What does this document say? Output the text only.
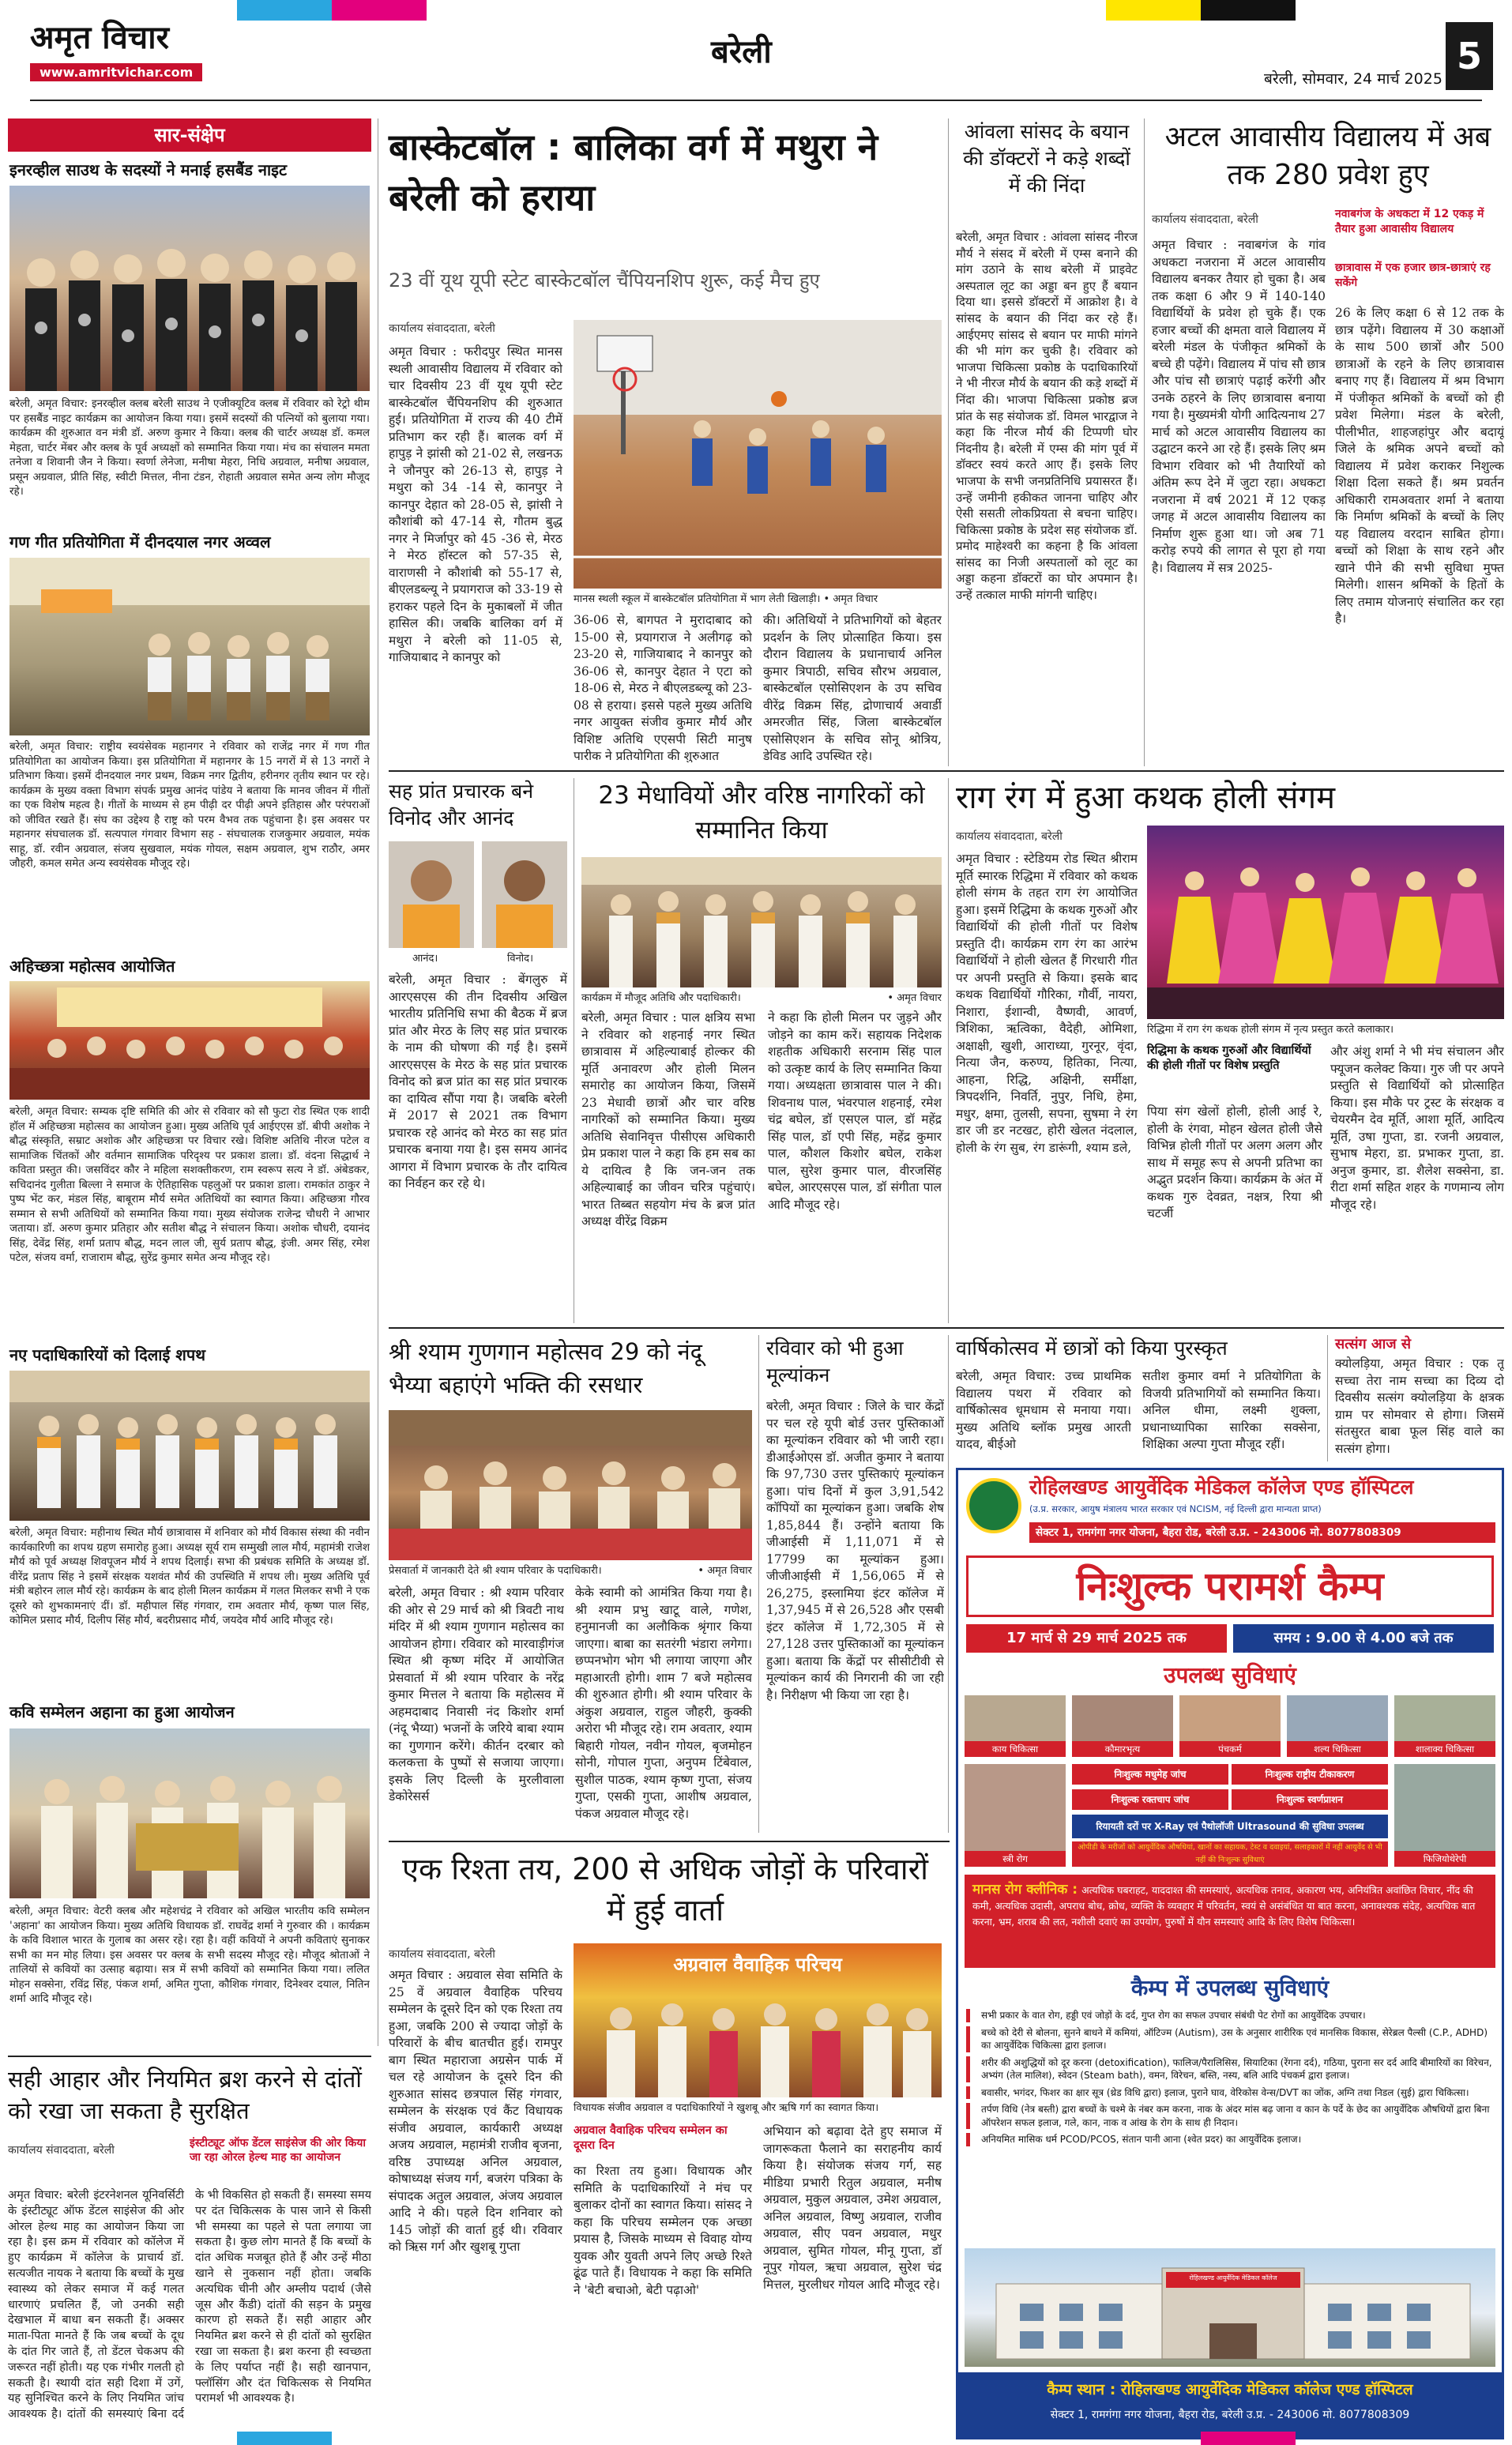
अमृत विचार
www.amritvichar.com
बरेली
बरेली, सोमवार, 24 मार्च 2025
5
सार-संक्षेप
इनरव्हील साउथ के सदस्यों ने मनाई हसबैंड नाइट
बरेली, अमृत विचार: इनरव्हील क्लब बरेली साउथ ने एजीक्यूटिव क्लब में रविवार को रेट्रो थीम पर हसबैंड नाइट कार्यक्रम का आयोजन किया गया। इसमें सदस्यों की पत्नियों को बुलाया गया। कार्यक्रम की शुरुआत वन मंत्री डॉ. अरुण कुमार ने किया। क्लब की चार्टर अध्यक्ष डॉ. कमल मेहता, चार्टर मेंबर और क्लब के पूर्व अध्यक्षों को सम्मानित किया गया। मंच का संचालन ममता तनेजा व शिवानी जैन ने किया। स्वर्णा लेनेजा, मनीषा मेहरा, निधि अग्रवाल, मनीषा अग्रवाल, प्रसून अग्रवाल, प्रीति सिंह, स्वीटी मित्तल, नीना टंडन, रोहाती अग्रवाल समेत अन्य लोग मौजूद रहे।
गण गीत प्रतियोगिता में दीनदयाल नगर अव्वल
बरेली, अमृत विचार: राष्ट्रीय स्वयंसेवक महानगर ने रविवार को राजेंद्र नगर में गण गीत प्रतियोगिता का आयोजन किया। इस प्रतियोगिता में महानगर के 15 नगरों में से 13 नगरों ने प्रतिभाग किया। इसमें दीनदयाल नगर प्रथम, विक्रम नगर द्वितीय, हरीनगर तृतीय स्थान पर रहे। कार्यक्रम के मुख्य वक्ता विभाग संपर्क प्रमुख आनंद पांडेय ने बताया कि मानव जीवन में गीतों का एक विशेष महत्व है। गीतों के माध्यम से हम पीढ़ी दर पीढ़ी अपने इतिहास और परंपराओं को जीवित रखते हैं। संघ का उद्देश्य है राष्ट्र को परम वैभव तक पहुंचाना है। इस अवसर पर महानगर संघचालक डॉ. सत्यपाल गंगवार विभाग सह - संघचालक राजकुमार अग्रवाल, मयंक साहू, डॉ. रवीन अग्रवाल, संजय सुखवाल, मयंक गोयल, सक्षम अग्रवाल, शुभ राठौर, अमर जौहरी, कमल समेत अन्य स्वयंसेवक मौजूद रहे।
अहिच्छत्रा महोत्सव आयोजित
बरेली, अमृत विचार: सम्यक दृष्टि समिति की ओर से रविवार को सौ फुटा रोड स्थित एक शादी हॉल में अहिच्छत्रा महोत्सव का आयोजन हुआ। मुख्य अतिथि पूर्व आईएएस डॉ. बीपी अशोक ने बौद्ध संस्कृति, सम्राट अशोक और अहिच्छत्रा पर विचार रखे। विशिष्ट अतिथि नीरज पटेल व सामाजिक चिंतकों और वर्तमान सामाजिक परिदृश्य पर प्रकाश डाला। डॉ. वंदना सिद्धार्थ ने कविता प्रस्तुत की। जसविंदर कौर ने महिला सशक्तीकरण, राम स्वरूप सत्य ने डॉ. अंबेडकर, सचिदानंद गुलीता बिल्ला ने समाज के ऐतिहासिक पहलुओं पर प्रकाश डाला। रामकांत ठाकुर ने पुष्प भेंट कर, मंडल सिंह, बाबूराम मौर्य समेत अतिथियों का स्वागत किया। अहिच्छत्रा गौरव सम्मान से सभी अतिथियों को सम्मानित किया गया। मुख्य संयोजक राजेन्द्र चौधरी ने आभार जताया। डॉ. अरुण कुमार प्रतिहार और सतीश बौद्ध ने संचालन किया। अशोक चौधरी, दयानंद सिंह, देवेंद्र सिंह, शर्मा प्रताप बौद्ध, मदन लाल जी, सुर्य प्रताप बौद्ध, इंजी. अमर सिंह, रमेश पटेल, संजय वर्मा, राजाराम बौद्ध, सुरेंद्र कुमार समेत अन्य मौजूद रहे।
नए पदाधिकारियों को दिलाई शपथ
बरेली, अमृत विचार: महीनाथ स्थित मौर्य छात्रावास में शनिवार को मौर्य विकास संस्था की नवीन कार्यकारिणी का शपथ ग्रहण समारोह हुआ। अध्यक्ष सूर्य राम सम्मुखी लाल मौर्य, महामंत्री राजेश मौर्य को पूर्व अध्यक्ष शिवपूजन मौर्य ने शपथ दिलाई। सभा की प्रबंधक समिति के अध्यक्ष डॉ. वीरेंद्र प्रताप सिंह ने इसमें संरक्षक यशवंत मौर्य की उपस्थिति में शपथ ली। मुख्य अतिथि पूर्व मंत्री बहोरन लाल मौर्य रहे। कार्यक्रम के बाद होली मिलन कार्यक्रम में गलत मिलकर सभी ने एक दूसरे को शुभकामनाएं दीं। डॉ. महीपाल सिंह गंगवार, राम अवतार मौर्य, कृष्ण पाल सिंह, कोमिल प्रसाद मौर्य, दिलीप सिंह मौर्य, बदरीप्रसाद मौर्य, जयदेव मौर्य आदि मौजूद रहे।
कवि सम्मेलन अहाना का हुआ आयोजन
बरेली, अमृत विचार: वेटरी क्लब और महेशचंद्र ने रविवार को अखिल भारतीय कवि सम्मेलन 'अहाना' का आयोजन किया। मुख्य अतिथि विधायक डॉ. राघवेंद्र शर्मा ने गुरुवार की । कार्यक्रम के कवि विशाल भारत के गुलाब का असर रहे। रहा है। वहीं कवियों ने अपनी कविताएं सुनाकर सभी का मन मोह लिया। इस अवसर पर क्लब के सभी सदस्य मौजूद रहे। मौजूद श्रोताओं ने तालियों से कवियों का उत्साह बढ़ाया। सत्र में सभी कवियों को सम्मानित किया गया। ललित मोहन सक्सेना, रविंद्र सिंह, पंकज शर्मा, अमित गुप्ता, कौशिक गंगवार, दिनेश्वर दयाल, नितिन शर्मा आदि मौजूद रहे।
सही आहार और नियमित ब्रश करने से दांतों को रखा जा सकता है सुरक्षित
कार्यालय संवाददाता, बरेली
इंस्टीट्यूट ऑफ डेंटल साइंसेज की ओर किया जा रहा ओरल हेल्थ माह का आयोजन
अमृत विचार: बरेली इंटरनेशनल यूनिवर्सिटी के इंस्टीट्यूट ऑफ डेंटल साइंसेज की ओर ओरल हेल्थ माह का आयोजन किया जा रहा है। इस क्रम में रविवार को कॉलेज में हुए कार्यक्रम में कॉलेज के प्राचार्य डॉ. सत्यजीत नायक ने बताया कि बच्चों के मुख स्वास्थ्य को लेकर समाज में कई गलत धारणाएं प्रचलित हैं, जो उनकी सही देखभाल में बाधा बन सकती हैं। अक्सर माता-पिता मानते हैं कि जब बच्चों के दूध के दांत गिर जाते हैं, तो डेंटल चेकअप की जरूरत नहीं होती। यह एक गंभीर गलती हो सकती है। स्थायी दांत सही दिशा में उगें, यह सुनिश्चित करने के लिए नियमित जांच आवश्यक है। दांतों की समस्याएं बिना दर्द के भी विकसित हो सकती हैं। समस्या समय पर दंत चिकित्सक के पास जाने से किसी भी समस्या का पहले से पता लगाया जा सकता है। कुछ लोग मानते हैं कि बच्चों के दांत अधिक मजबूत होते हैं और उन्हें मीठा खाने से नुकसान नहीं होता। जबकि अत्यधिक चीनी और अम्लीय पदार्थ (जैसे जूस और कैंडी) दांतों की सड़न के प्रमुख कारण हो सकते हैं। सही आहार और नियमित ब्रश करने से ही दांतों को सुरक्षित रखा जा सकता है। ब्रश करना ही स्वच्छता के लिए पर्याप्त नहीं है। सही खानपान, फ्लॉसिंग और दंत चिकित्सक से नियमित परामर्श भी आवश्यक है।
बास्केटबॉल : बालिका वर्ग में मथुरा ने बरेली को हराया
23 वीं यूथ यूपी स्टेट बास्केटबॉल चैंपियनशिप शुरू, कई मैच हुए
कार्यालय संवाददाता, बरेली
अमृत विचार : फरीदपुर स्थित मानस स्थली आवासीय विद्यालय में रविवार को चार दिवसीय 23 वीं यूथ यूपी स्टेट बास्केटबॉल चैंपियनशिप की शुरुआत हुई। प्रतियोगिता में राज्य की 40 टीमें प्रतिभाग कर रही हैं। बालक वर्ग में हापुड़ ने झांसी को 21-02 से, लखनऊ ने जौनपुर को 26-13 से, हापुड़ ने मथुरा को 34 -14 से, कानपुर ने कानपुर देहात को 28-05 से, झांसी ने कौशांबी को 47-14 से, गौतम बुद्ध नगर ने मिर्जापुर को 45 -36 से, मेरठ ने मेरठ हॉस्टल को 57-35 से, वाराणसी ने कौशांबी को 55-17 से, बीएलडब्ल्यू ने प्रयागराज को 33-19 से हराकर पहले दिन के मुकाबलों में जीत हासिल की। जबकि बालिका वर्ग में मथुरा ने बरेली को 11-05 से, गाजियाबाद ने कानपुर को
मानस स्थली स्कूल में बास्केटबॉल प्रतियोगिता में भाग लेती खिलाड़ी। • अमृत विचार
36-06 से, बागपत ने मुरादाबाद को 15-00 से, प्रयागराज ने अलीगढ़ को 23-20 से, गाजियाबाद ने कानपुर को 36-06 से, कानपुर देहात ने एटा को 18-06 से, मेरठ ने बीएलडब्ल्यू को 23-08 से हराया। इससे पहले मुख्य अतिथि नगर आयुक्त संजीव कुमार मौर्य और विशिष्ट अतिथि एएसपी सिटी मानुष पारीक ने प्रतियोगिता की शुरुआत
की। अतिथियों ने प्रतिभागियों को बेहतर प्रदर्शन के लिए प्रोत्साहित किया। इस दौरान विद्यालय के प्रधानाचार्य अनिल कुमार त्रिपाठी, सचिव सौरभ अग्रवाल, बास्केटबॉल एसोसिएशन के उप सचिव वीरेंद्र विक्रम सिंह, द्रोणाचार्य अवार्डी अमरजीत सिंह, जिला बास्केटबॉल एसोसिएशन के सचिव सोनू श्रोत्रिय, डेविड आदि उपस्थित रहे।
आंवला सांसद के बयान की डॉक्टरों ने कड़े शब्दों में की निंदा
बरेली, अमृत विचार : आंवला सांसद नीरज मौर्य ने संसद में बरेली में एम्स बनाने की मांग उठाने के साथ बरेली में प्राइवेट अस्पताल लूट का अड्डा बन हुए हैं बयान दिया था। इससे डॉक्टरों में आक्रोश है। वे सांसद के बयान की निंदा कर रहे हैं। आईएमए सांसद से बयान पर माफी मांगने की भी मांग कर चुकी है। रविवार को भाजपा चिकित्सा प्रकोष्ठ के पदाधिकारियों ने भी नीरज मौर्य के बयान की कड़े शब्दों में निंदा की। भाजपा चिकित्सा प्रकोष्ठ ब्रज प्रांत के सह संयोजक डॉ. विमल भारद्वाज ने कहा कि नीरज मौर्य की टिप्पणी घोर निंदनीय है। बरेली में एम्स की मांग पूर्व में डॉक्टर स्वयं करते आए हैं। इसके लिए भाजपा के सभी जनप्रतिनिधि प्रयासरत हैं। उन्हें जमीनी हकीकत जानना चाहिए और ऐसी ससती लोकप्रियता से बचना चाहिए। चिकित्सा प्रकोष्ठ के प्रदेश सह संयोजक डॉ. प्रमोद माहेश्वरी का कहना है कि आंवला सांसद का निजी अस्पतालों को लूट का अड्डा कहना डॉक्टरों का घोर अपमान है। उन्हें तत्काल माफी मांगनी चाहिए।
अटल आवासीय विद्यालय में अब तक 280 प्रवेश हुए
कार्यालय संवाददाता, बरेली	नवाबगंज के अधकटा में 12 एकड़ में तैयार हुआ आवासीय विद्यालय
छात्रावास में एक हजार छात्र-छात्राएं रह सकेंगे
अमृत विचार : नवाबगंज के गांव अधकटा नजराना में अटल आवासीय विद्यालय बनकर तैयार हो चुका है। अब तक कक्षा 6 और 9 में 140-140 विद्यार्थियों के प्रवेश हो चुके हैं। एक हजार बच्चों की क्षमता वाले विद्यालय में बरेली मंडल के पंजीकृत श्रमिकों के बच्चे ही पढ़ेंगे। विद्यालय में पांच सौ छात्र और पांच सौ छात्राएं पढ़ाई करेंगी और उनके ठहरने के लिए छात्रावास बनाया गया है। मुख्यमंत्री योगी आदित्यनाथ 27 मार्च को अटल आवासीय विद्यालय का उद्घाटन करने आ रहे हैं। इसके लिए श्रम विभाग रविवार को भी तैयारियों को अंतिम रूप देने में जुटा रहा। अधकटा नजराना में वर्ष 2021 में 12 एकड़ जगह में अटल आवासीय विद्यालय का निर्माण शुरू हुआ था। जो अब 71 करोड़ रुपये की लागत से पूरा हो गया है। विद्यालय में सत्र 2025-
26 के लिए कक्षा 6 से 12 तक के छात्र पढ़ेंगे। विद्यालय में 30 कक्षाओं के साथ 500 छात्रों और 500 छात्राओं के रहने के लिए छात्रावास बनाए गए हैं। विद्यालय में श्रम विभाग में पंजीकृत श्रमिकों के बच्चों को ही प्रवेश मिलेगा। मंडल के बरेली, पीलीभीत, शाहजहांपुर और बदायूं जिले के श्रमिक अपने बच्चों को विद्यालय में प्रवेश कराकर निशुल्क शिक्षा दिला सकते हैं। श्रम प्रवर्तन अधिकारी रामअवतार शर्मा ने बताया कि निर्माण श्रमिकों के बच्चों के लिए यह विद्यालय वरदान साबित होगा। बच्चों को शिक्षा के साथ रहने और खाने पीने की सभी सुविधा मुफ्त मिलेगी। शासन श्रमिकों के हितों के लिए तमाम योजनाएं संचालित कर रहा है।
सह प्रांत प्रचारक बने विनोद और आनंद
आनंद।	विनोद।
बरेली, अमृत विचार : बेंगलुरु में आरएसएस की तीन दिवसीय अखिल भारतीय प्रतिनिधि सभा की बैठक में ब्रज प्रांत और मेरठ के लिए सह प्रांत प्रचारक के नाम की घोषणा की गई है। इसमें आरएसएस के मेरठ के सह प्रांत प्रचारक विनोद को ब्रज प्रांत का सह प्रांत प्रचारक का दायित्व सौंपा गया है। जबकि बरेली में 2017 से 2021 तक विभाग प्रचारक रहे आनंद को मेरठ का सह प्रांत प्रचारक बनाया गया है। इस समय आनंद आगरा में विभाग प्रचारक के तौर दायित्व का निर्वहन कर रहे थे।
23 मेधावियों और वरिष्ठ नागरिकों को सम्मानित किया
कार्यक्रम में मौजूद अतिथि और पदाधिकारी।	• अमृत विचार
बरेली, अमृत विचार : पाल क्षत्रिय सभा ने रविवार को शहनाई नगर स्थित छात्रावास में अहिल्याबाई होल्कर की मूर्ति अनावरण और होली मिलन समारोह का आयोजन किया, जिसमें 23 मेधावी छात्रों और चार वरिष्ठ नागरिकों को सम्मानित किया। मुख्य अतिथि सेवानिवृत्त पीसीएस अधिकारी प्रेम प्रकाश पाल ने कहा कि हम सब का ये दायित्व है कि जन-जन तक अहिल्याबाई का जीवन चरित्र पहुंचाएं। भारत तिब्बत सहयोग मंच के ब्रज प्रांत अध्यक्ष वीरेंद्र विक्रम
ने कहा कि होली मिलन पर जुड़ने और जोड़ने का काम करें। सहायक निदेशक शहतीक अधिकारी सरनाम सिंह पाल को उत्कृष्ट कार्य के लिए सम्मानित किया गया। अध्यक्षता छात्रावास पाल ने की। शिवनाथ पाल, भंवरपाल शहनाई, रमेश चंद्र बघेल, डॉ एसएल पाल, डॉ महेंद्र सिंह पाल, डॉ एपी सिंह, महेंद्र कुमार पाल, कौशल किशोर बघेल, राकेश पाल, सुरेश कुमार पाल, वीरजसिंह बघेल, आरएसएस पाल, डॉ संगीता पाल आदि मौजूद रहे।
राग रंग में हुआ कथक होली संगम
कार्यालय संवाददाता, बरेली
अमृत विचार : स्टेडियम रोड स्थित श्रीराम मूर्ति स्मारक रिद्धिमा में रविवार को कथक होली संगम के तहत राग रंग आयोजित हुआ। इसमें रिद्धिमा के कथक गुरुओं और विद्यार्थियों की होली गीतों पर विशेष प्रस्तुति दी। कार्यक्रम राग रंग का आरंभ विद्यार्थियों ने होली खेलत हैं गिरधारी गीत पर अपनी प्रस्तुति से किया। इसके बाद कथक विद्यार्थियों गौरिका, गौर्वी, नायरा, निशारा, ईशान्वी, वैष्णवी, आवर्ण, त्रिशिका, ऋत्विका, वैदेही, ओमिशा, अक्षाक्षी, खुशी, आराध्या, गुरनूर, वृंदा, नित्या जैन, करुण्य, हितिका, नित्या, आहना, रिद्धि, अक्षिनी, सर्मीक्षा, त्रिपदर्शनि, निवर्ति, नुपुर, निधि, हेमा, मधुर, क्षमा, तुलसी, सपना, सुषमा ने रंग डार जी डर नटखट, होरी खेलत नंदलाल, होली के रंग सुब, रंग डारूंगी, श्याम डले,
रिद्धिमा में राग रंग कथक होली संगम में नृत्य प्रस्तुत करते कलाकार।
रिद्धिमा के कथक गुरुओं और विद्यार्थियों की होली गीतों पर विशेष प्रस्तुति
पिया संग खेलों होली, होली आई रे, होली के रंगवा, मोहन खेलत होली जैसे विभिन्न होली गीतों पर अलग अलग और साथ में समूह रूप से अपनी प्रतिभा का अद्भुत प्रदर्शन किया। कार्यक्रम के अंत में कथक गुरु देवव्रत, नक्षत्र, रिया श्री चटर्जी
और अंशु शर्मा ने भी मंच संचालन और फ्यूजन कलेक्ट किया। गुरु जी पर अपने प्रस्तुति से विद्यार्थियों को प्रोत्साहित किया। इस मौके पर ट्रस्ट के संरक्षक व चेयरमैन देव मूर्ति, आशा मूर्ति, आदित्य मूर्ति, उषा गुप्ता, डा. रजनी अग्रवाल, सुभाष मेहरा, डा. प्रभाकर गुप्ता, डा. अनुज कुमार, डा. शैलेश सक्सेना, डा. रीटा शर्मा सहित शहर के गणमान्य लोग मौजूद रहे।
श्री श्याम गुणगान महोत्सव 29 को नंदू भैय्या बहाएंगे भक्ति की रसधार
प्रेसवार्ता में जानकारी देते श्री श्याम परिवार के पदाधिकारी।	• अमृत विचार
बरेली, अमृत विचार : श्री श्याम परिवार की ओर से 29 मार्च को श्री त्रिवटी नाथ मंदिर में श्री श्याम गुणगान महोत्सव का आयोजन होगा। रविवार को मारवाड़ीगंज स्थित श्री कृष्ण मंदिर में आयोजित प्रेसवार्ता में श्री श्याम परिवार के नरेंद्र कुमार मित्तल ने बताया कि महोत्सव में अहमदाबाद निवासी नंद किशोर शर्मा (नंदू भैय्या) भजनों के जरिये बाबा श्याम का गुणगान करेंगे। कीर्तन दरबार को कलकत्ता के पुष्पों से सजाया जाएगा। इसके लिए दिल्ली के मुरलीवाला डेकोरेसर्स
केके स्वामी को आमंत्रित किया गया है। श्री श्याम प्रभु खाटू वाले, गणेश, हनुमानजी का अलौकिक श्रृंगार किया जाएगा। बाबा का सतरंगी भंडारा लगेगा। छप्पनभोग भोग भी लगाया जाएगा और महाआरती होगी। शाम 7 बजे महोत्सव की शुरुआत होगी। श्री श्याम परिवार के अंकुश अग्रवाल, राहुल जौहरी, कुक्की अरोरा भी मौजूद रहे। राम अवतार, श्याम बिहारी गोयल, नवीन गोयल, बृजमोहन सोनी, गोपाल गुप्ता, अनुपम टिंबेवाल, सुशील पाठक, श्याम कृष्ण गुप्ता, संजय गुप्ता, एसकी गुप्ता, आशीष अग्रवाल, पंकज अग्रवाल मौजूद रहे।
रविवार को भी हुआ मूल्यांकन
बरेली, अमृत विचार : जिले के चार केंद्रों पर चल रहे यूपी बोर्ड उत्तर पुस्तिकाओं का मूल्यांकन रविवार को भी जारी रहा। डीआईओएस डॉ. अजीत कुमार ने बताया कि 97,730 उत्तर पुस्तिकाएं मूल्यांकन हुआ। पांच दिनों में कुल 3,91,542 कॉपियों का मूल्यांकन हुआ। जबकि शेष 1,85,844 हैं। उन्होंने बताया कि जीआईसी में 1,11,071 में से 17799 का मूल्यांकन हुआ। जीजीआईसी में 1,56,065 में से 26,275, इस्लामिया इंटर कॉलेज में 1,37,945 में से 26,528 और एसबी इंटर कॉलेज में 1,72,305 में से 27,128 उत्तर पुस्तिकाओं का मूल्यांकन हुआ। बताया कि केंद्रों पर सीसीटीवी से मूल्यांकन कार्य की निगरानी की जा रही है। निरीक्षण भी किया जा रहा है।
वार्षिकोत्सव में छात्रों को किया पुरस्कृत
बरेली, अमृत विचार: उच्च प्राथमिक विद्यालय पथरा में रविवार को वार्षिकोत्सव धूमधाम से मनाया गया। मुख्य अतिथि ब्लॉक प्रमुख आरती यादव, बीईओ
सतीश कुमार वर्मा ने प्रतियोगिता के विजयी प्रतिभागियों को सम्मानित किया। अनिल धीमा, लक्ष्मी शुक्ला, प्रधानाध्यापिका सारिका सक्सेना, शिक्षिका अल्पा गुप्ता मौजूद रहीं।
सत्संग आज से
क्योलड़िया, अमृत विचार : एक तू सच्चा तेरा नाम सच्चा का दिव्य दो दिवसीय सत्संग क्योलड़िया के क्षत्रक ग्राम पर सोमवार से होगा। जिसमें संतसुरत बाबा फूल सिंह वाले का सत्संग होगा।
रोहिलखण्ड आयुर्वेदिक मेडिकल कॉलेज एण्ड हॉस्पिटल
(उ.प्र. सरकार, आयुष मंत्रालय भारत सरकार एवं NCISM, नई दिल्ली द्वारा मान्यता प्राप्त)
सेक्टर 1, रामगंगा नगर योजना, बैहरा रोड, बरेली उ.प्र. - 243006 मो. 8077808309
निःशुल्क परामर्श कैम्प
17 मार्च से 29 मार्च 2025 तक	समय : 9.00 से 4.00 बजे तक
उपलब्ध सुविधाएं
काय चिकित्सा	कौमारभृत्य	पंचकर्म	शल्य चिकित्सा	शालाक्य चिकित्सा
स्त्री रोग	फिजियोथेरेपी
निःशुल्क मधुमेह जांच	निःशुल्क राष्ट्रीय टीकाकरण
निःशुल्क रक्तचाप जांच	निःशुल्क स्वर्णप्राशन
रियायती दरों पर X-Ray एवं पैथोलॉजी Ultrasound की सुविधा उपलब्ध
ओपीडी के मरीजों को आयुर्वेदिक औषधियां, खानों का सहायक, टेस्ट व दवाइयां, सलाहकारों में नहीं आयुर्वेद से भी नहीं की निःशुल्क सुविधाएं
मानस रोग क्लीनिक : अत्यधिक घबराहट, याददाश्त की समस्याएं, अत्यधिक तनाव, अकारण भय, अनियंत्रित अवांछित विचार, नींद की कमी, अत्यधिक उदासी, अपराध बोध, क्रोध, व्यक्ति के व्यवहार में परिवर्तन, स्वयं से असंबंधित या बात करना, अनावश्यक संदेह, अत्यधिक बात करना, भ्रम, शराब की लत, नशीली दवाएं का उपयोग, पुरुषों में यौन समस्याएं आदि के लिए विशेष चिकित्सा।
कैम्प में उपलब्ध सुविधाएं
सभी प्रकार के वात रोग, हड्डी एवं जोड़ों के दर्द, गुप्त रोग का सफल उपचार संबंधी पेट रोगों का आयुर्वेदिक उपचार।
बच्चे को देरी से बोलना, सुनने बाधने में कमियां, ऑटिज्म (Autism), उस के अनुसार शारीरिक एवं मानसिक विकास, सेरेब्रल पैल्सी (C.P., ADHD) का आयुर्वेदिक चिकित्सा द्वारा इलाज।
शरीर की अशुद्धियों को दूर करना (detoxification), फालिज/पैरालिसिस, सियाटिका (रेंगना दर्द), गठिया, पुराना सर दर्द आदि बीमारियों का विरेचन, अभ्यंग (तेल मालिश), स्वेदन (Steam bath), वमन, विरेचन, बस्ति, नस्य, बलि आदि पंचकर्म द्वारा इलाज।
बवासीर, भगंदर, फिशर का क्षार सूत्र (थ्रेड विधि द्वारा) इलाज, पुराने घाव, वेरिकोस वेन्स/DVT का जोंक, अग्नि तथा निडल (सुई) द्वारा चिकित्सा।
तर्पण विधि (नेत्र बस्ती) द्वारा बच्चों के चश्मे के नंबर कम करना, नाक के अंदर मांस बढ़ जाना व कान के पर्दे के छेद का आयुर्वेदिक औषधियों द्वारा बिना ऑपरेशन सफल इलाज, गले, कान, नाक व आंख के रोग के साथ ही निदान।
अनियमित मासिक धर्म PCOD/PCOS, संतान पानी आना (श्वेत प्रदर) का आयुर्वेदिक इलाज।
रोहिलखण्ड आयुर्वेदिक मेडिकल कॉलेज
कैम्प स्थान : रोहिलखण्ड आयुर्वेदिक मेडिकल कॉलेज एण्ड हॉस्पिटल
सेक्टर 1, रामगंगा नगर योजना, बैहरा रोड, बरेली उ.प्र. - 243006 मो. 8077808309
एक रिश्ता तय, 200 से अधिक जोड़ों के परिवारों में हुई वार्ता
कार्यालय संवाददाता, बरेली
अमृत विचार : अग्रवाल सेवा समिति के 25 वें अग्रवाल वैवाहिक परिचय सम्मेलन के दूसरे दिन को एक रिश्ता तय हुआ, जबकि 200 से ज्यादा जोड़ों के परिवारों के बीच बातचीत हुई। रामपुर बाग स्थित महाराजा अग्रसेन पार्क में चल रहे आयोजन के दूसरे दिन की शुरुआत सांसद छत्रपाल सिंह गंगवार, सम्मेलन के संरक्षक एवं कैंट विधायक संजीव अग्रवाल, कार्यकारी अध्यक्ष अजय अग्रवाल, महामंत्री राजीव बृजना, वरिष्ठ उपाध्यक्ष अनिल अग्रवाल, कोषाध्यक्ष संजय गर्ग, बजरंग पत्रिका के संपादक अतुल अग्रवाल, अंजय अग्रवाल आदि ने की। पहले दिन शनिवार को 145 जोड़ों की वार्ता हुई थी। रविवार को ऋिस गर्ग और खुशबू गुप्ता
अग्रवाल वैवाहिक परिचय
विधायक संजीव अग्रवाल व पदाधिकारियों ने खुशबू और ऋषि गर्ग का स्वागत किया।
अग्रवाल वैवाहिक परिचय सम्मेलन का दूसरा दिन
का रिश्ता तय हुआ। विधायक और समिति के पदाधिकारियों ने मंच पर बुलाकर दोनों का स्वागत किया। सांसद ने कहा कि परिचय सम्मेलन एक अच्छा प्रयास है, जिसके माध्यम से विवाह योग्य युवक और युवती अपने लिए अच्छे रिश्ते ढूंढ पाते हैं। विधायक ने कहा कि समिति ने 'बेटी बचाओ, बेटी पढ़ाओ'
अभियान को बढ़ावा देते हुए समाज में जागरूकता फैलाने का सराहनीय कार्य किया है। संयोजक संजय गर्ग, सह मीडिया प्रभारी रितुल अग्रवाल, मनीष अग्रवाल, मुकुल अग्रवाल, उमेश अग्रवाल, अनिल अग्रवाल, विष्णु अग्रवाल, राजीव अग्रवाल, सीए पवन अग्रवाल, मधुर अग्रवाल, सुमित गोयल, मीनू गुप्ता, डॉ नूपुर गोयल, ऋचा अग्रवाल, सुरेश चंद्र मित्तल, मुरलीधर गोयल आदि मौजूद रहे।
